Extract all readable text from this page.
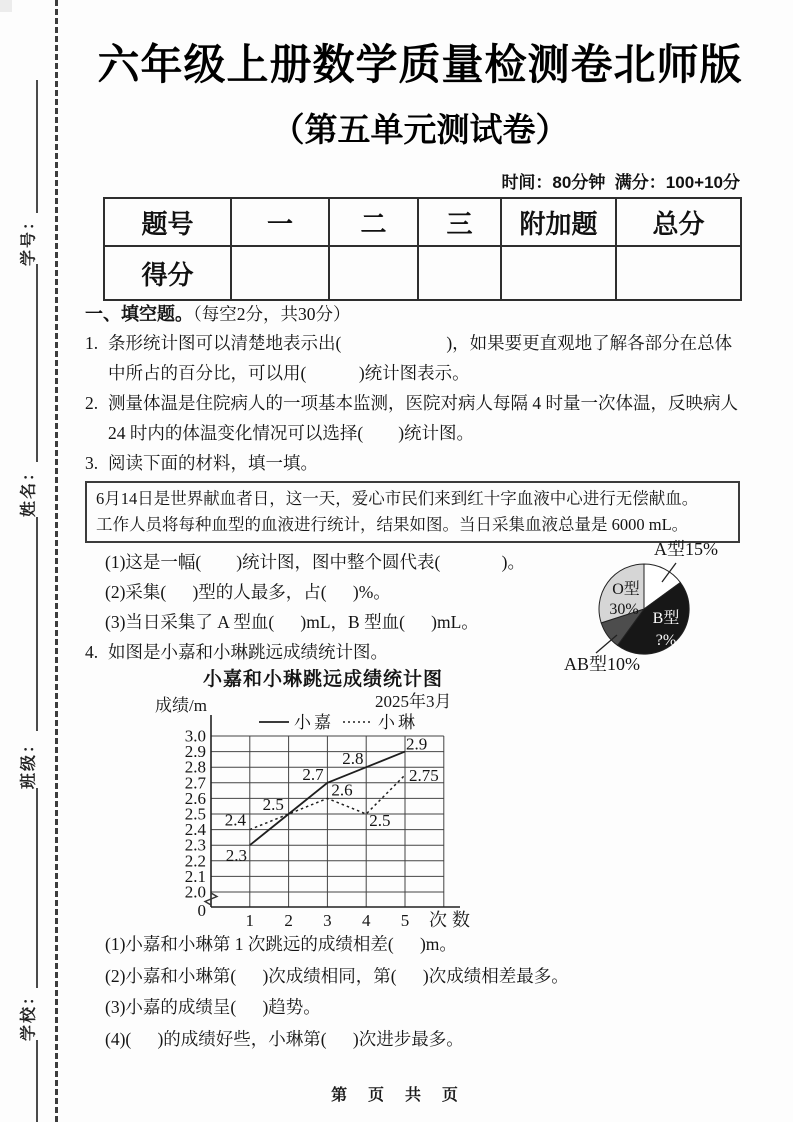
学号：
姓名：
班级：
学校：
六年级上册数学质量检测卷北师版
（第五单元测试卷）
时间：80分钟  满分：100+10分
题号	一	二	三	附加题	总分
得分					
一、填空题。（每空2分，共30分）
1. 条形统计图可以清楚地表示出(                        )，如果要更直观地了解各部分在总体中所占的百分比，可以用(            )统计图表示。
2. 测量体温是住院病人的一项基本监测，医院对病人每隔 4 时量一次体温，反映病人 24 时内的体温变化情况可以选择(        )统计图。
3. 阅读下面的材料，填一填。
6月14日是世界献血者日，这一天，爱心市民们来到红十字血液中心进行无偿献血。
工作人员将每种血型的血液进行统计，结果如图。当日采集血液总量是 6000 mL。
(1)这是一幅(        )统计图，图中整个圆代表(              )。
(2)采集(      )型的人最多，占(      )%。
(3)当日采集了 A 型血(      )mL，B 型血(      )mL。
4. 如图是小嘉和小琳跳远成绩统计图。
3.0
2.9
2.8
2.7
2.6
2.5
2.4
2.3
2.2
2.1
2.0
0
1 2 3 4 5 次数
小嘉和小琳跳远成绩统计图
成绩/m	2025年3月
小嘉	小琳
2.3
2.5
2.7
2.8
2.9
2.4
2.6
2.5
2.75
(1)小嘉和小琳第 1 次跳远的成绩相差(      )m。
(2)小嘉和小琳第(      )次成绩相同，第(      )次成绩相差最多。
(3)小嘉的成绩呈(      )趋势。
(4)(      )的成绩好些，小琳第(      )次进步最多。
A型15%
B型
?%
AB型10%
O型
30%
第  页  共  页
